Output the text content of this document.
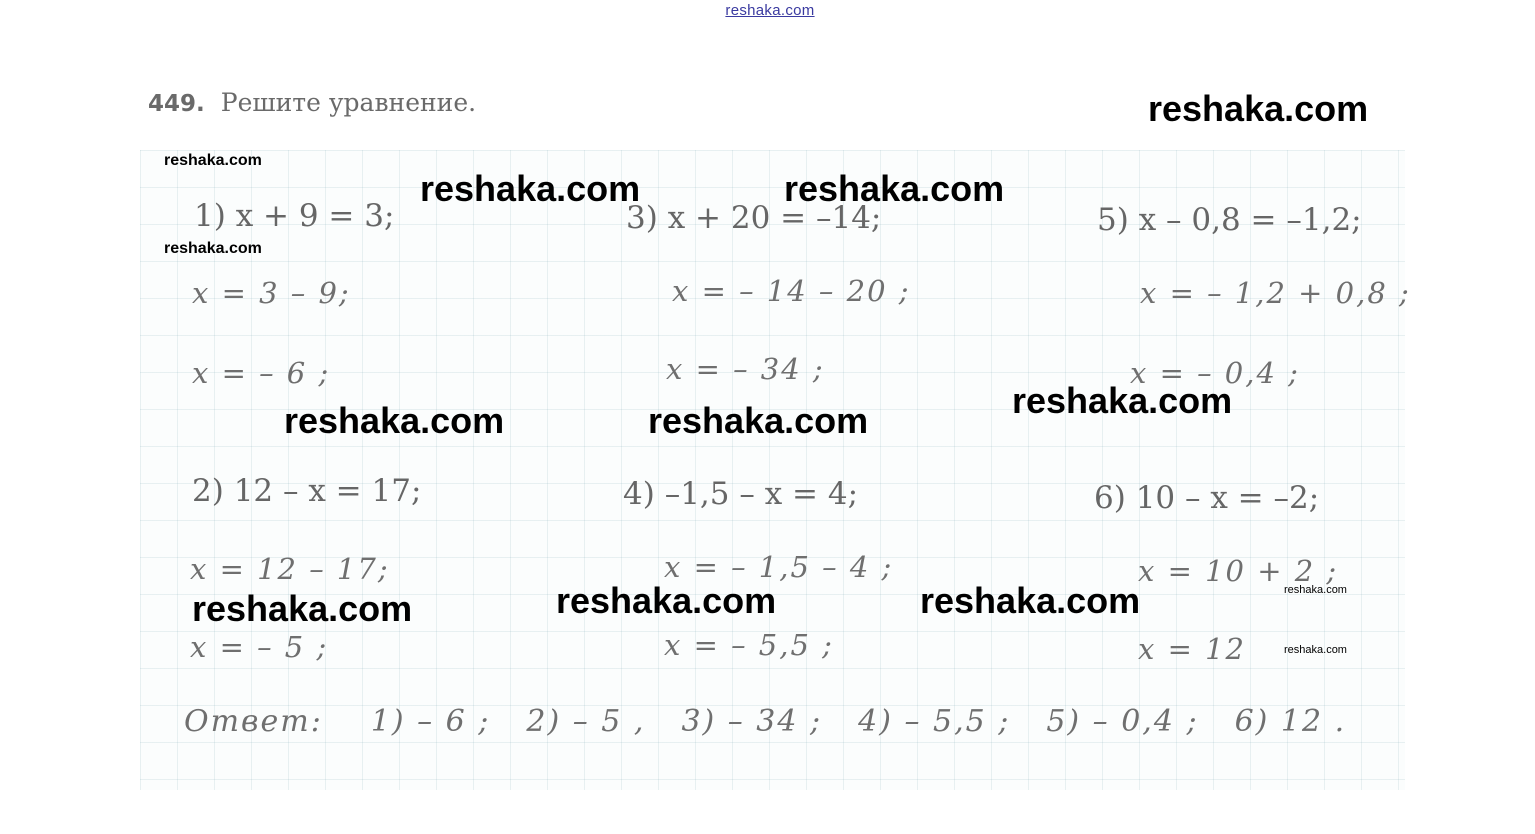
reshaka.com
449. Решите уравнение.
1) x + 9 = 3;
x = 3 – 9;
x = – 6 ;
2) 12 – x = 17;
x = 12 – 17;
x = – 5 ;
3) x + 20 = –14;
x = – 14 – 20 ;
x = – 34 ;
4) –1,5 – x = 4;
x = – 1,5 – 4 ;
x = – 5,5 ;
5) x – 0,8 = –1,2;
x = – 1,2 + 0,8 ;
x = – 0,4 ;
6) 10 – x = –2;
x = 10 + 2 ;
x = 12
Ответ: 1) – 6 ; 2) – 5 , 3) – 34 ; 4) – 5,5 ; 5) – 0,4 ; 6) 12 .
reshaka.com
reshaka.com
reshaka.com
reshaka.com	reshaka.com
reshaka.com	reshaka.com	reshaka.com
reshaka.com	reshaka.com	reshaka.com	reshaka.com
reshaka.com
